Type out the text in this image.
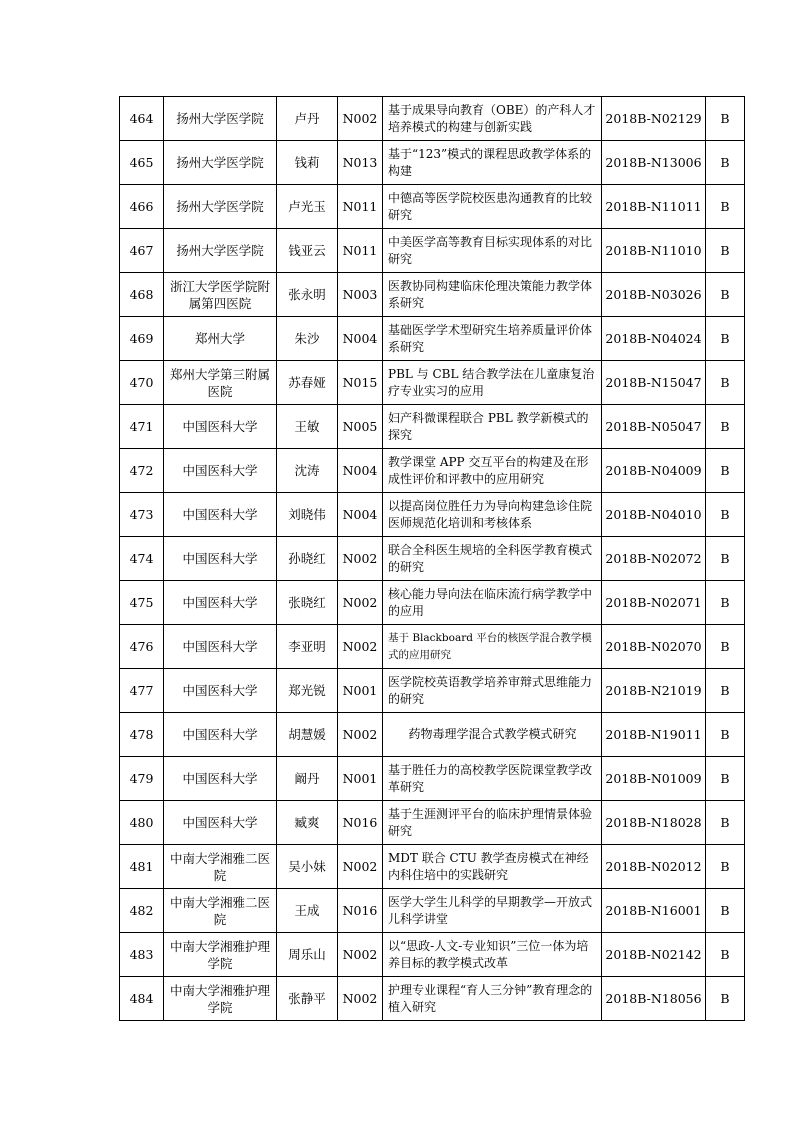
464	扬州大学医学院	卢丹	N002	基于成果导向教育（OBE）的产科人才培养模式的构建与创新实践	2018B-N02129	B
465	扬州大学医学院	钱莉	N013	基于“123”模式的课程思政教学体系的构建	2018B-N13006	B
466	扬州大学医学院	卢光玉	N011	中德高等医学院校医患沟通教育的比较研究	2018B-N11011	B
467	扬州大学医学院	钱亚云	N011	中美医学高等教育目标实现体系的对比研究	2018B-N11010	B
468	浙江大学医学院附属第四医院	张永明	N003	医教协同构建临床伦理决策能力教学体系研究	2018B-N03026	B
469	郑州大学	朱沙	N004	基础医学学术型研究生培养质量评价体系研究	2018B-N04024	B
470	郑州大学第三附属医院	苏春娅	N015	PBL 与 CBL 结合教学法在儿童康复治疗专业实习的应用	2018B-N15047	B
471	中国医科大学	王敏	N005	妇产科微课程联合 PBL 教学新模式的探究	2018B-N05047	B
472	中国医科大学	沈涛	N004	教学课堂 APP 交互平台的构建及在形成性评价和评教中的应用研究	2018B-N04009	B
473	中国医科大学	刘晓伟	N004	以提高岗位胜任力为导向构建急诊住院医师规范化培训和考核体系	2018B-N04010	B
474	中国医科大学	孙晓红	N002	联合全科医生规培的全科医学教育模式的研究	2018B-N02072	B
475	中国医科大学	张晓红	N002	核心能力导向法在临床流行病学教学中的应用	2018B-N02071	B
476	中国医科大学	李亚明	N002	基于 Blackboard 平台的核医学混合教学模式的应用研究	2018B-N02070	B
477	中国医科大学	郑光锐	N001	医学院校英语教学培养审辩式思维能力的研究	2018B-N21019	B
478	中国医科大学	胡慧媛	N002	药物毒理学混合式教学模式研究	2018B-N19011	B
479	中国医科大学	阚丹	N001	基于胜任力的高校教学医院课堂教学改革研究	2018B-N01009	B
480	中国医科大学	臧爽	N016	基于生涯测评平台的临床护理情景体验研究	2018B-N18028	B
481	中南大学湘雅二医院	吴小妹	N002	MDT 联合 CTU 教学查房模式在神经内科住培中的实践研究	2018B-N02012	B
482	中南大学湘雅二医院	王成	N016	医学大学生儿科学的早期教学—开放式儿科学讲堂	2018B-N16001	B
483	中南大学湘雅护理学院	周乐山	N002	以“思政-人文-专业知识”三位一体为培养目标的教学模式改革	2018B-N02142	B
484	中南大学湘雅护理学院	张静平	N002	护理专业课程“育人三分钟”教育理念的植入研究	2018B-N18056	B
